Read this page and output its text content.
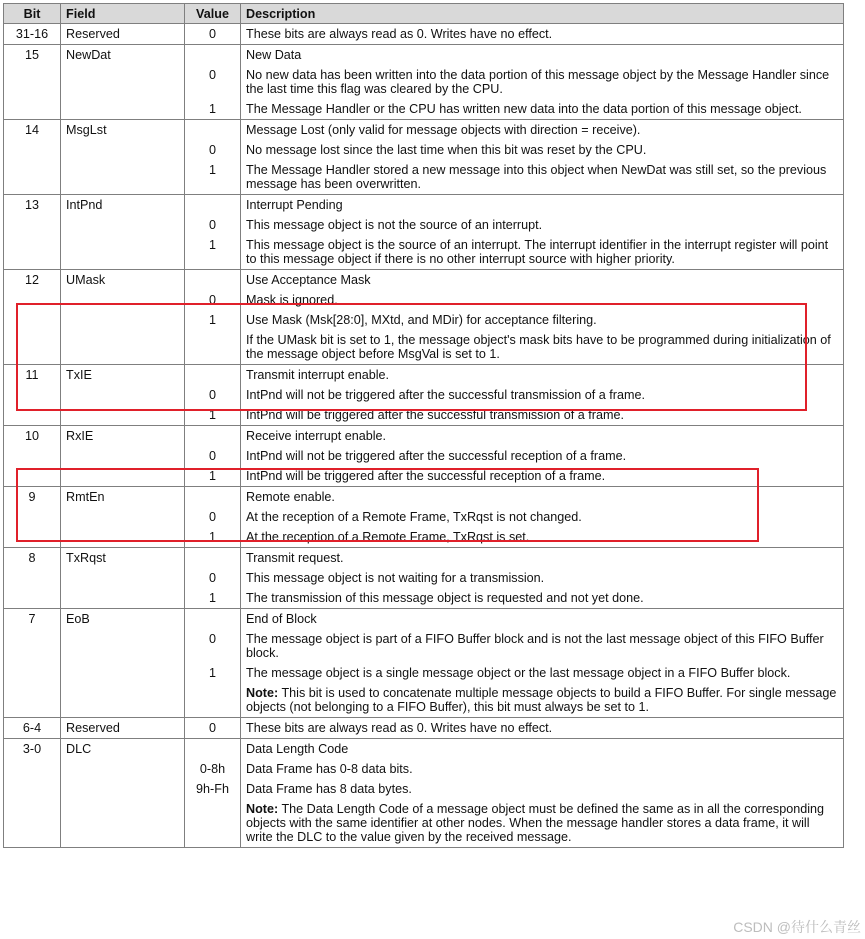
Bit	Field	Value	Description
31-16	Reserved	0	These bits are always read as 0. Writes have no effect.
15	NewDat		New Data
		0	No new data has been written into the data portion of this message object by the Message Handler since the last time this flag was cleared by the CPU.
		1	The Message Handler or the CPU has written new data into the data portion of this message object.
14	MsgLst		Message Lost (only valid for message objects with direction = receive).
		0	No message lost since the last time when this bit was reset by the CPU.
		1	The Message Handler stored a new message into this object when NewDat was still set, so the previous message has been overwritten.
13	IntPnd		Interrupt Pending
		0	This message object is not the source of an interrupt.
		1	This message object is the source of an interrupt. The interrupt identifier in the interrupt register will point to this message object if there is no other interrupt source with higher priority.
12	UMask		Use Acceptance Mask
		0	Mask is ignored.
		1	Use Mask (Msk[28:0], MXtd, and MDir) for acceptance filtering.
			If the UMask bit is set to 1, the message object's mask bits have to be programmed during initialization of the message object before MsgVal is set to 1.
11	TxIE		Transmit interrupt enable.
		0	IntPnd will not be triggered after the successful transmission of a frame.
		1	IntPnd will be triggered after the successful transmission of a frame.
10	RxIE		Receive interrupt enable.
		0	IntPnd will not be triggered after the successful reception of a frame.
		1	IntPnd will be triggered after the successful reception of a frame.
9	RmtEn		Remote enable.
		0	At the reception of a Remote Frame, TxRqst is not changed.
		1	At the reception of a Remote Frame, TxRqst is set.
8	TxRqst		Transmit request.
		0	This message object is not waiting for a transmission.
		1	The transmission of this message object is requested and not yet done.
7	EoB		End of Block
		0	The message object is part of a FIFO Buffer block and is not the last message object of this FIFO Buffer block.
		1	The message object is a single message object or the last message object in a FIFO Buffer block.
			Note: This bit is used to concatenate multiple message objects to build a FIFO Buffer. For single message objects (not belonging to a FIFO Buffer), this bit must always be set to 1.
6-4	Reserved	0	These bits are always read as 0. Writes have no effect.
3-0	DLC		Data Length Code
		0-8h	Data Frame has 0-8 data bits.
		9h-Fh	Data Frame has 8 data bytes.
			Note: The Data Length Code of a message object must be defined the same as in all the corresponding objects with the same identifier at other nodes. When the message handler stores a data frame, it will write the DLC to the value given by the received message.
CSDN @待什么青丝
